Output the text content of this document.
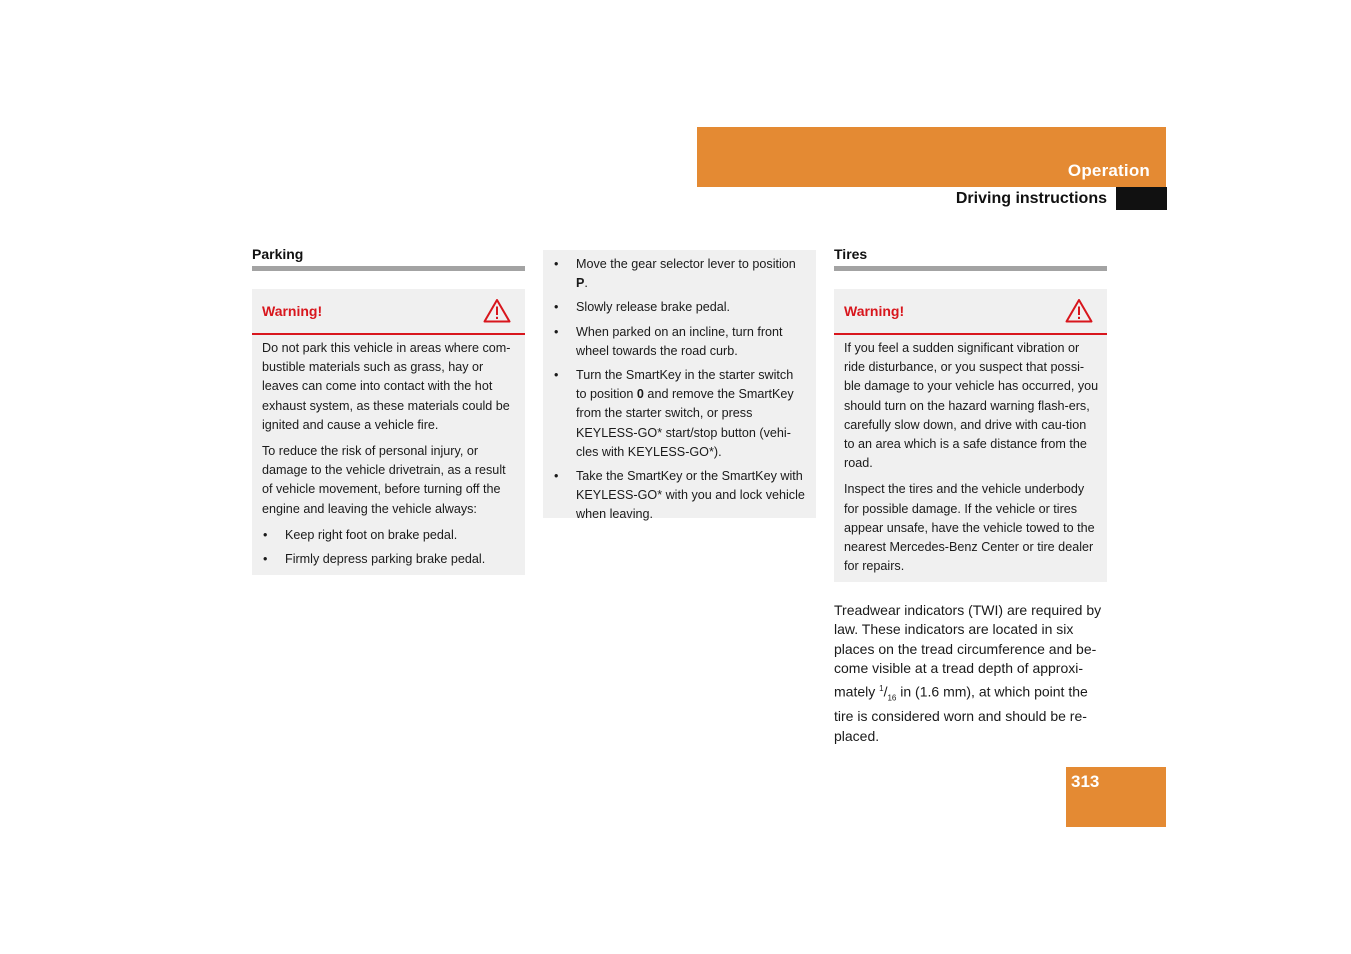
Operation
Driving instructions
Parking
Warning!

Do not park this vehicle in areas where com-bustible materials such as grass, hay or leaves can come into contact with the hot exhaust system, as these materials could be ignited and cause a vehicle fire.

To reduce the risk of personal injury, or damage to the vehicle drivetrain, as a result of vehicle movement, before turning off the engine and leaving the vehicle always:

• Keep right foot on brake pedal.
• Firmly depress parking brake pedal.
• Move the gear selector lever to position P.
• Slowly release brake pedal.
• When parked on an incline, turn front wheel towards the road curb.
• Turn the SmartKey in the starter switch to position 0 and remove the SmartKey from the starter switch, or press KEYLESS-GO* start/stop button (vehi-cles with KEYLESS-GO*).
• Take the SmartKey or the SmartKey with KEYLESS-GO* with you and lock vehicle when leaving.
Tires
Warning!

If you feel a sudden significant vibration or ride disturbance, or you suspect that possi-ble damage to your vehicle has occurred, you should turn on the hazard warning flash-ers, carefully slow down, and drive with cau-tion to an area which is a safe distance from the road.

Inspect the tires and the vehicle underbody for possible damage. If the vehicle or tires appear unsafe, have the vehicle towed to the nearest Mercedes-Benz Center or tire dealer for repairs.

Treadwear indicators (TWI) are required by law. These indicators are located in six places on the tread circumference and be-come visible at a tread depth of approxi-mately $^1/_{16}$ in (1.6 mm), at which point the tire is considered worn and should be re-placed.
313
